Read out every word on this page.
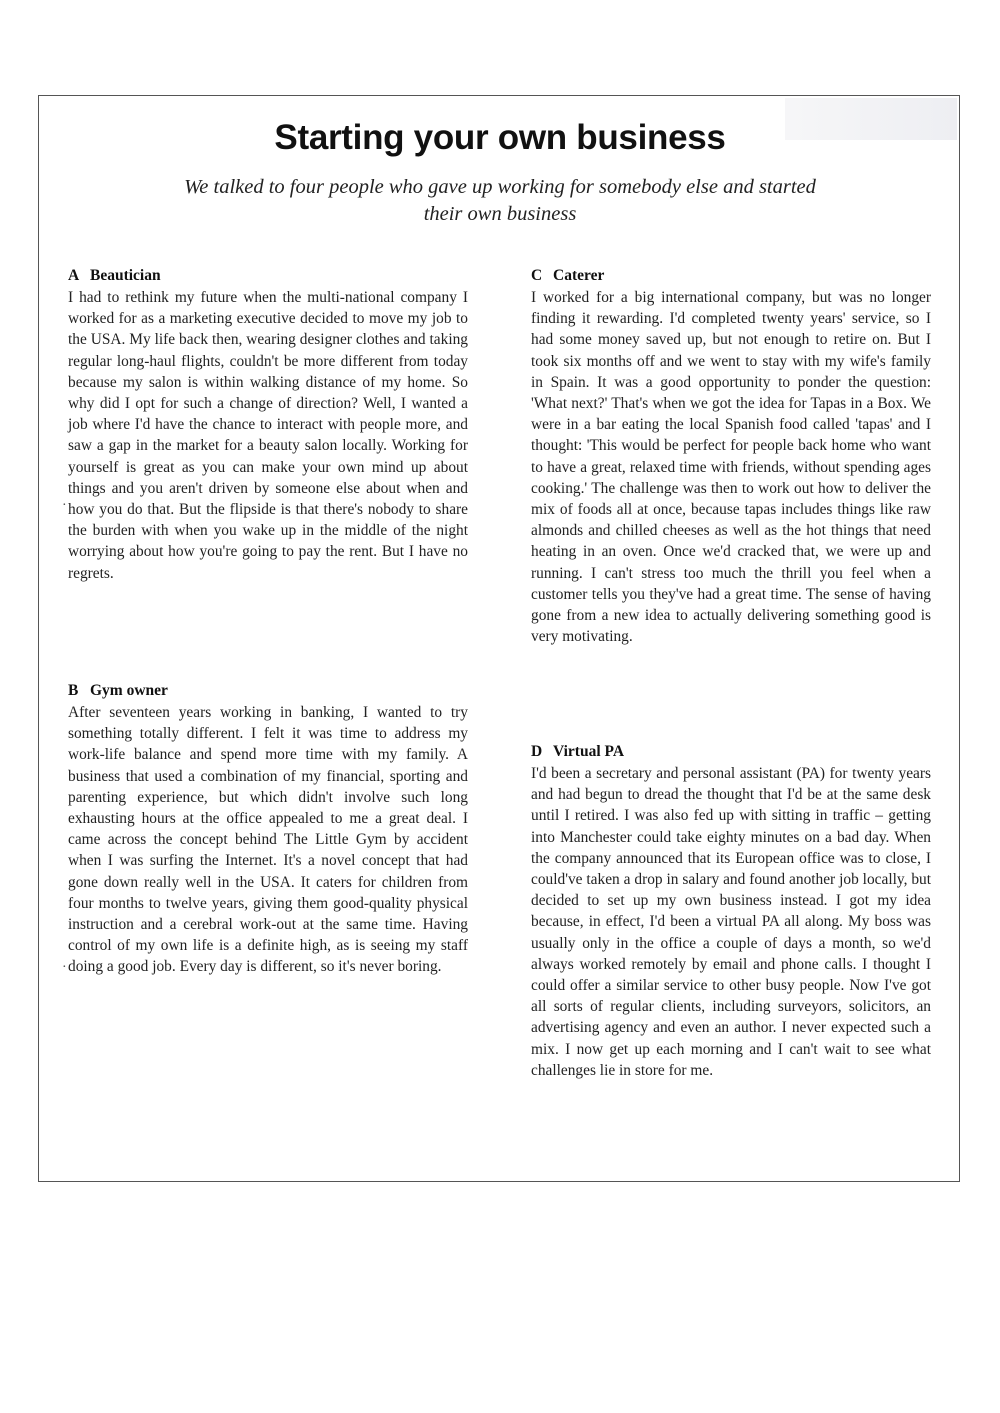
Starting your own business

We talked to four people who gave up working for somebody else and started their own business

A Beautician

I had to rethink my future when the multi-national company I worked for as a marketing executive decided to move my job to the USA. My life back then, wearing designer clothes and taking regular long-haul flights, couldn't be more different from today because my salon is within walking distance of my home. So why did I opt for such a change of direction? Well, I wanted a job where I'd have the chance to interact with people more, and saw a gap in the market for a beauty salon locally. Working for yourself is great as you can make your own mind up about things and you aren't driven by someone else about when and how you do that. But the flipside is that there's nobody to share the burden with when you wake up in the middle of the night worrying about how you're going to pay the rent. But I have no regrets.

B Gym owner

After seventeen years working in banking, I wanted to try something totally different. I felt it was time to address my work-life balance and spend more time with my family. A business that used a combination of my financial, sporting and parenting experience, but which didn't involve such long exhausting hours at the office appealed to me a great deal. I came across the concept behind The Little Gym by accident when I was surfing the Internet. It's a novel concept that had gone down really well in the USA. It caters for children from four months to twelve years, giving them good-quality physical instruction and a cerebral work-out at the same time. Having control of my own life is a definite high, as is seeing my staff doing a good job. Every day is different, so it's never boring.

C Caterer

I worked for a big international company, but was no longer finding it rewarding. I'd completed twenty years' service, so I had some money saved up, but not enough to retire on. But I took six months off and we went to stay with my wife's family in Spain. It was a good opportunity to ponder the question: 'What next?' That's when we got the idea for Tapas in a Box. We were in a bar eating the local Spanish food called 'tapas' and I thought: 'This would be perfect for people back home who want to have a great, relaxed time with friends, without spending ages cooking.' The challenge was then to work out how to deliver the mix of foods all at once, because tapas includes things like raw almonds and chilled cheeses as well as the hot things that need heating in an oven. Once we'd cracked that, we were up and running. I can't stress too much the thrill you feel when a customer tells you they've had a great time. The sense of having gone from a new idea to actually delivering something good is very motivating.

D Virtual PA

I'd been a secretary and personal assistant (PA) for twenty years and had begun to dread the thought that I'd be at the same desk until I retired. I was also fed up with sitting in traffic – getting into Manchester could take eighty minutes on a bad day. When the company announced that its European office was to close, I could've taken a drop in salary and found another job locally, but decided to set up my own business instead. I got my idea because, in effect, I'd been a virtual PA all along. My boss was usually only in the office a couple of days a month, so we'd always worked remotely by email and phone calls. I thought I could offer a similar service to other busy people. Now I've got all sorts of regular clients, including surveyors, solicitors, an advertising agency and even an author. I never expected such a mix. I now get up each morning and I can't wait to see what challenges lie in store for me.

·
·
